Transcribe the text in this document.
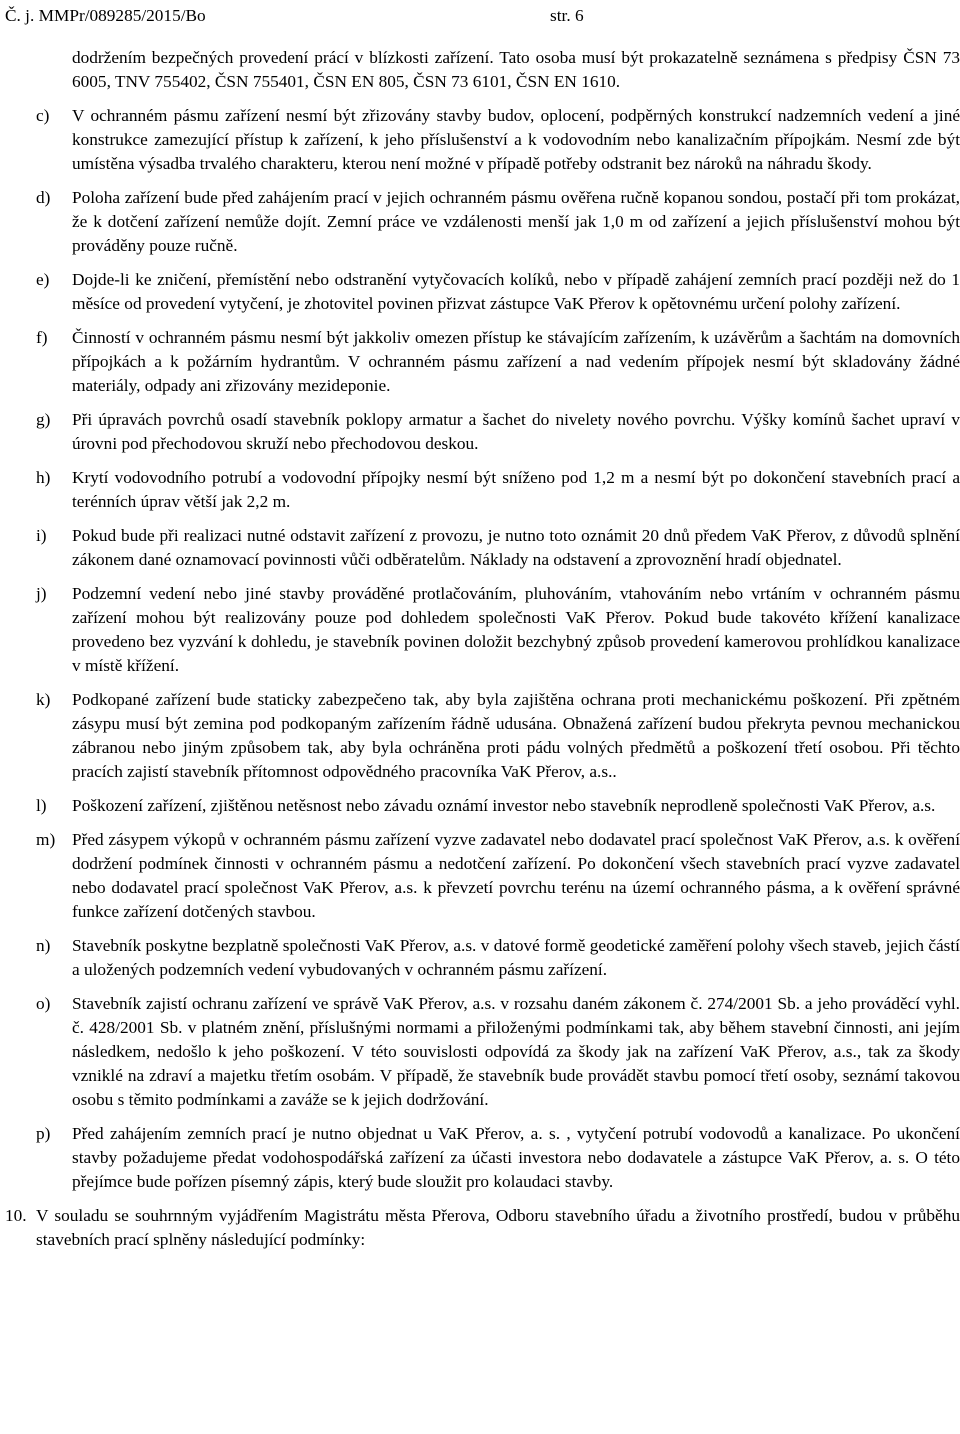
Č. j. MMPr/089285/2015/Bo	str. 6

dodržením bezpečných provedení prácí v blízkosti zařízení. Tato osoba musí být prokazatelně seznámena s předpisy ČSN 73 6005, TNV 755402, ČSN 755401, ČSN EN 805, ČSN 73 6101, ČSN EN 1610.

c) V ochranném pásmu zařízení nesmí být zřizovány stavby budov, oplocení, podpěrných konstrukcí nadzemních vedení a jiné konstrukce zamezující přístup k zařízení, k jeho příslušenství a k vodovodním nebo kanalizačním přípojkám. Nesmí zde být umístěna výsadba trvalého charakteru, kterou není možné v případě potřeby odstranit bez nároků na náhradu škody.
d) Poloha zařízení bude před zahájením prací v jejich ochranném pásmu ověřena ručně kopanou sondou, postačí při tom prokázat, že k dotčení zařízení nemůže dojít. Zemní práce ve vzdálenosti menší jak 1,0 m od zařízení a jejich příslušenství mohou být prováděny pouze ručně.
e) Dojde-li ke zničení, přemístění nebo odstranění vytyčovacích kolíků, nebo v případě zahájení zemních prací později než do 1 měsíce od provedení vytyčení, je zhotovitel povinen přizvat zástupce VaK Přerov k opětovnému určení polohy zařízení.
f) Činností v ochranném pásmu nesmí být jakkoliv omezen přístup ke stávajícím zařízením, k uzávěrům a šachtám na domovních přípojkách a k požárním hydrantům. V ochranném pásmu zařízení a nad vedením přípojek nesmí být skladovány žádné materiály, odpady ani zřizovány mezideponie.
g) Při úpravách povrchů osadí stavebník poklopy armatur a šachet do nivelety nového povrchu. Výšky komínů šachet upraví v úrovni pod přechodovou skruží nebo přechodovou deskou.
h) Krytí vodovodního potrubí a vodovodní přípojky nesmí být sníženo pod 1,2 m a nesmí být po dokončení stavebních prací a terénních úprav větší jak 2,2 m.
i) Pokud bude při realizaci nutné odstavit zařízení z provozu, je nutno toto oznámit 20 dnů předem VaK Přerov, z důvodů splnění zákonem dané oznamovací povinnosti vůči odběratelům. Náklady na odstavení a zprovoznění hradí objednatel.
j) Podzemní vedení nebo jiné stavby prováděné protlačováním, pluhováním, vtahováním nebo vrtáním v ochranném pásmu zařízení mohou být realizovány pouze pod dohledem společnosti VaK Přerov. Pokud bude takovéto křížení kanalizace provedeno bez vyzvání k dohledu, je stavebník povinen doložit bezchybný způsob provedení kamerovou prohlídkou kanalizace v místě křížení.
k) Podkopané zařízení bude staticky zabezpečeno tak, aby byla zajištěna ochrana proti mechanickému poškození. Při zpětném zásypu musí být zemina pod podkopaným zařízením řádně udusána. Obnažená zařízení budou překryta pevnou mechanickou zábranou nebo jiným způsobem tak, aby byla ochráněna proti pádu volných předmětů a poškození třetí osobou. Při těchto pracích zajistí stavebník přítomnost odpovědného pracovníka VaK Přerov, a.s..
l) Poškození zařízení, zjištěnou netěsnost nebo závadu oznámí investor nebo stavebník neprodleně společnosti VaK Přerov, a.s.
m) Před zásypem výkopů v ochranném pásmu zařízení vyzve zadavatel nebo dodavatel prací společnost VaK Přerov, a.s. k ověření dodržení podmínek činnosti v ochranném pásmu a nedotčení zařízení. Po dokončení všech stavebních prací vyzve zadavatel nebo dodavatel prací společnost VaK Přerov, a.s. k převzetí povrchu terénu na území ochranného pásma, a k ověření správné funkce zařízení dotčených stavbou.
n) Stavebník poskytne bezplatně společnosti VaK Přerov, a.s. v datové formě geodetické zaměření polohy všech staveb, jejich částí a uložených podzemních vedení vybudovaných v ochranném pásmu zařízení.
o) Stavebník zajistí ochranu zařízení ve správě VaK Přerov, a.s. v rozsahu daném zákonem č. 274/2001 Sb. a jeho prováděcí vyhl. č. 428/2001 Sb. v platném znění, příslušnými normami a přiloženými podmínkami tak, aby během stavební činnosti, ani jejím následkem, nedošlo k jeho poškození. V této souvislosti odpovídá za škody jak na zařízení VaK Přerov, a.s., tak za škody vzniklé na zdraví a majetku třetím osobám. V případě, že stavebník bude provádět stavbu pomocí třetí osoby, seznámí takovou osobu s těmito podmínkami a zaváže se k jejich dodržování.
p) Před zahájením zemních prací je nutno objednat u VaK Přerov, a. s. , vytyčení potrubí vodovodů a kanalizace. Po ukončení stavby požadujeme předat vodohospodářská zařízení za účasti investora nebo dodavatele a zástupce VaK Přerov, a. s. O této přejímce bude pořízen písemný zápis, který bude sloužit pro kolaudaci stavby.
10. V souladu se souhrnným vyjádřením Magistrátu města Přerova, Odboru stavebního úřadu a životního prostředí, budou v průběhu stavebních prací splněny následující podmínky:
